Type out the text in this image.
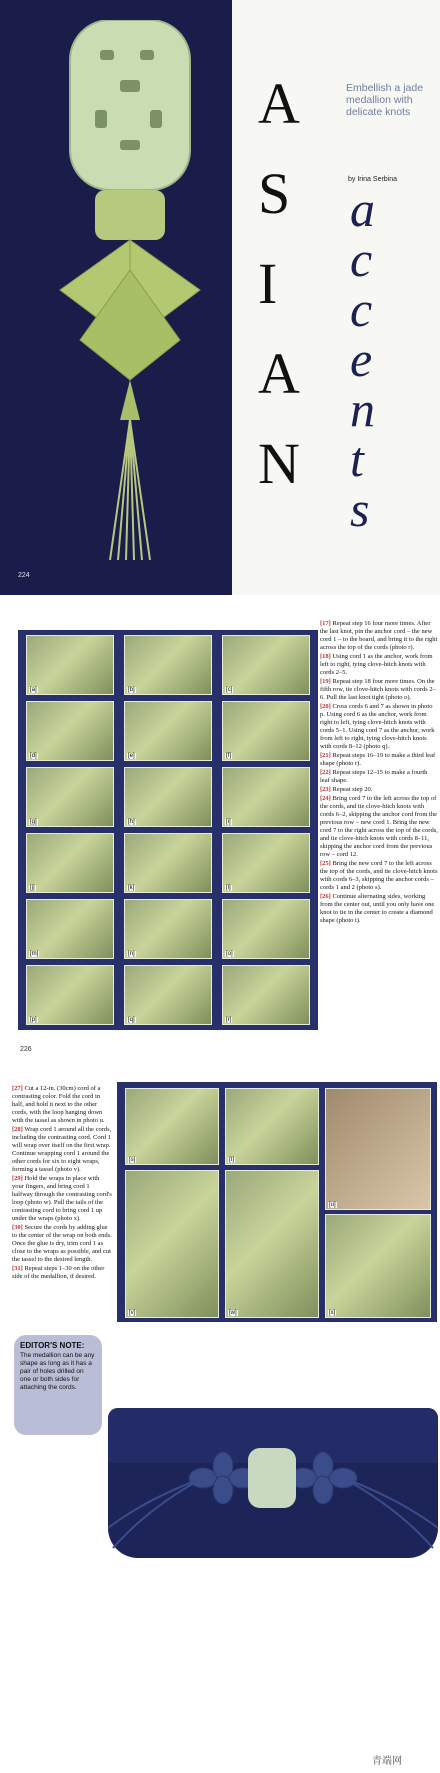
A
S
I
A
N
a
c
c
e
n
t
s
Embellish a jade medallion with delicate knots
by Irina Serbina
224
[a]	[b]	[c]
[d]	[e]	[f]
[g]	[h]	[i]
[j]	[k]	[l]
[m]	[n]	[o]
[p]	[q]	[r]

[17] Repeat step 16 four more times. After the last knot, pin the anchor cord – the new cord 1 – to the board, and bring it to the right across the top of the cords (photo r).

[18] Using cord 1 as the anchor, work from left to right, tying clove-hitch knots with cords 2–5.

[19] Repeat step 18 four more times. On the fifth row, tie clove-hitch knots with cords 2–6. Pull the last knot tight (photo o).

[20] Cross cords 6 and 7 as shown in photo p. Using cord 6 as the anchor, work from right to left, tying clove-hitch knots with cords 5–1. Using cord 7 as the anchor, work from left to right, tying clove-hitch knots with cords 8–12 (photo q).

[21] Repeat steps 16–19 to make a third leaf shape (photo r).

[22] Repeat steps 12–15 to make a fourth leaf shape.

[23] Repeat step 20.

[24] Bring cord 7 to the left across the top of the cords, and tie clove-hitch knots with cords 6–2, skipping the anchor cord from the previous row – new cord 1. Bring the new cord 7 to the right across the top of the cords, and tie clove-hitch knots with cords 8–11, skipping the anchor cord from the previous row – cord 12.

[25] Bring the new cord 7 to the left across the top of the cords, and tie clove-hitch knots with cords 6–3, skipping the anchor cords – cords 1 and 2 (photo s).

[26] Continue alternating sides, working from the center out, until you only have one knot to tie in the center to create a diamond shape (photo t).

226

[27] Cut a 12-in. (30cm) cord of a contrasting color. Fold the cord in half, and hold it next to the other cords, with the loop hanging down with the tassel as shown in photo u.

[28] Wrap cord 1 around all the cords, including the contrasting cord. Cord 1 will wrap over itself on the first wrap. Continue wrapping cord 1 around the other cords for six to eight wraps, forming a tassel (photo v).

[29] Hold the wraps in place with your fingers, and bring cord 1 halfway through the contrasting cord's loop (photo w). Pull the tails of the contrasting cord to bring cord 1 up under the wraps (photo x).

[30] Secure the cords by adding glue to the center of the wrap on both ends. Once the glue is dry, trim cord 1 as close to the wraps as possible, and cut the tassel to the desired length.

[31] Repeat steps 1–30 on the other side of the medallion, if desired.

[s]	[t]
[u]
[v]	[w]	[x]
EDITOR'S NOTE:
The medallion can be any shape as long as it has a pair of holes drilled on one or both sides for attaching the cords.
青端网
